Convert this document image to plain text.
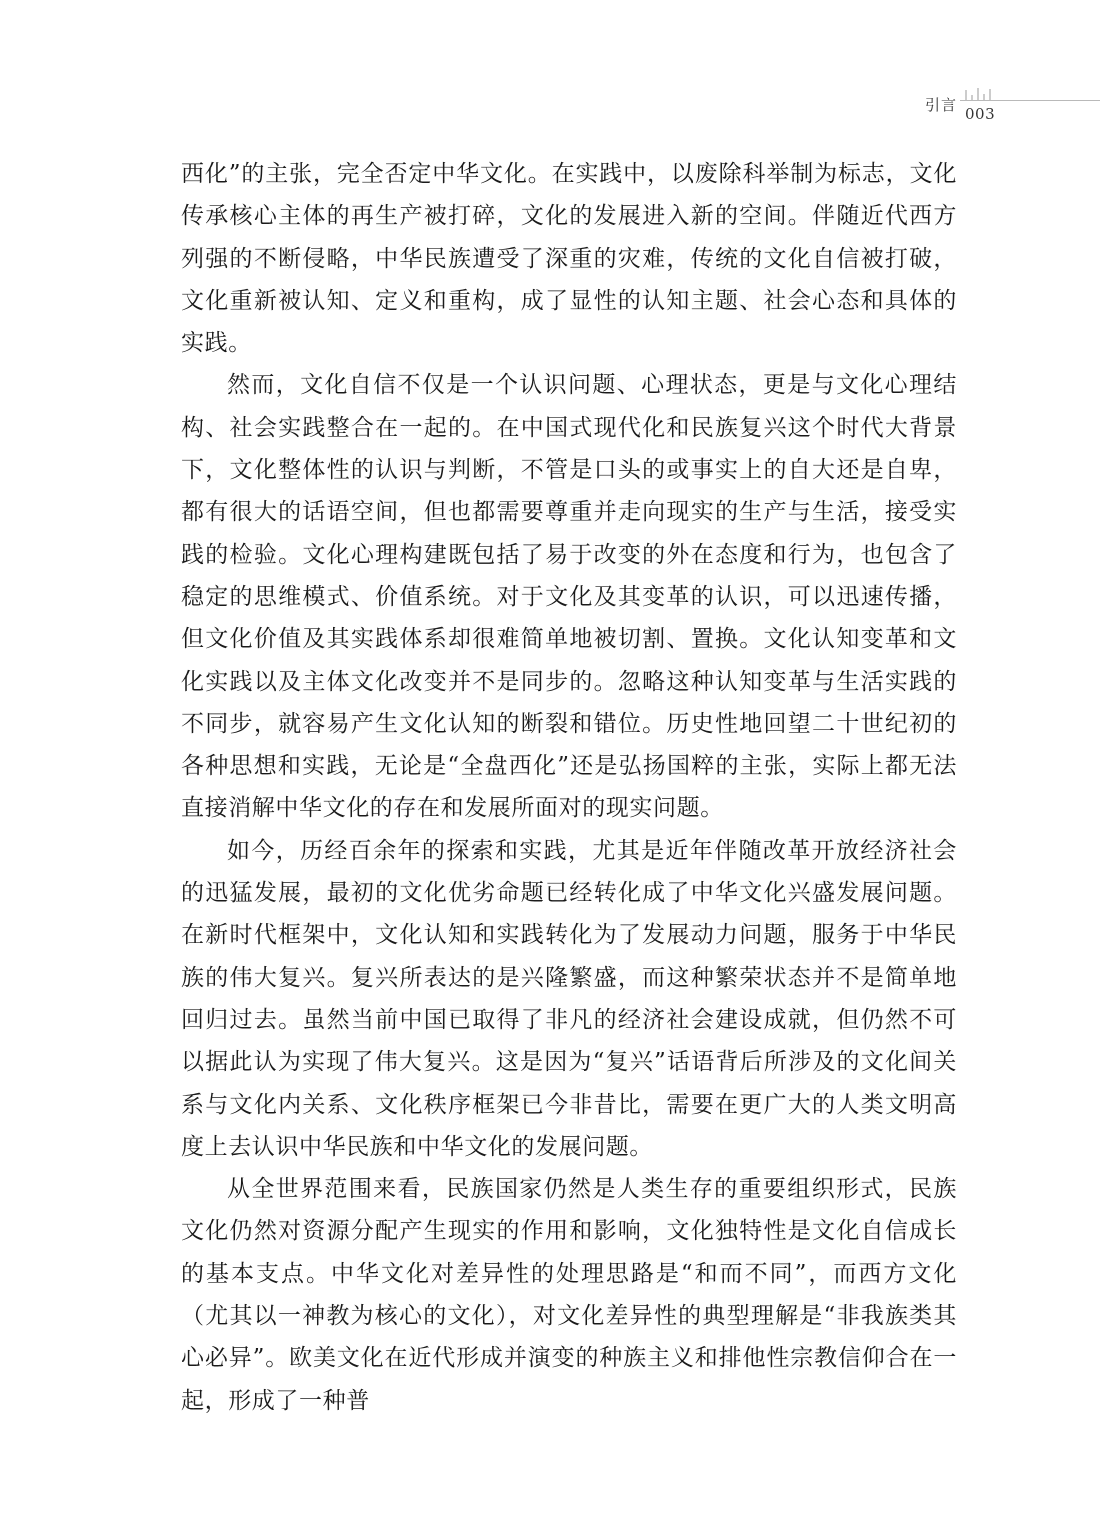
引言 003

西化”的主张，完全否定中华文化。在实践中，以废除科举制为标志，文化传承核心主体的再生产被打碎，文化的发展进入新的空间。伴随近代西方列强的不断侵略，中华民族遭受了深重的灾难，传统的文化自信被打破，文化重新被认知、定义和重构，成了显性的认知主题、社会心态和具体的实践。

然而，文化自信不仅是一个认识问题、心理状态，更是与文化心理结构、社会实践整合在一起的。在中国式现代化和民族复兴这个时代大背景下，文化整体性的认识与判断，不管是口头的或事实上的自大还是自卑，都有很大的话语空间，但也都需要尊重并走向现实的生产与生活，接受实践的检验。文化心理构建既包括了易于改变的外在态度和行为，也包含了稳定的思维模式、价值系统。对于文化及其变革的认识，可以迅速传播，但文化价值及其实践体系却很难简单地被切割、置换。文化认知变革和文化实践以及主体文化改变并不是同步的。忽略这种认知变革与生活实践的不同步，就容易产生文化认知的断裂和错位。历史性地回望二十世纪初的各种思想和实践，无论是“全盘西化”还是弘扬国粹的主张，实际上都无法直接消解中华文化的存在和发展所面对的现实问题。

如今，历经百余年的探索和实践，尤其是近年伴随改革开放经济社会的迅猛发展，最初的文化优劣命题已经转化成了中华文化兴盛发展问题。在新时代框架中，文化认知和实践转化为了发展动力问题，服务于中华民族的伟大复兴。复兴所表达的是兴隆繁盛，而这种繁荣状态并不是简单地回归过去。虽然当前中国已取得了非凡的经济社会建设成就，但仍然不可以据此认为实现了伟大复兴。这是因为“复兴”话语背后所涉及的文化间关系与文化内关系、文化秩序框架已今非昔比，需要在更广大的人类文明高度上去认识中华民族和中华文化的发展问题。

从全世界范围来看，民族国家仍然是人类生存的重要组织形式，民族文化仍然对资源分配产生现实的作用和影响，文化独特性是文化自信成长的基本支点。中华文化对差异性的处理思路是“和而不同”，而西方文化（尤其以一神教为核心的文化），对文化差异性的典型理解是“非我族类其心必异”。欧美文化在近代形成并演变的种族主义和排他性宗教信仰合在一起，形成了一种普
